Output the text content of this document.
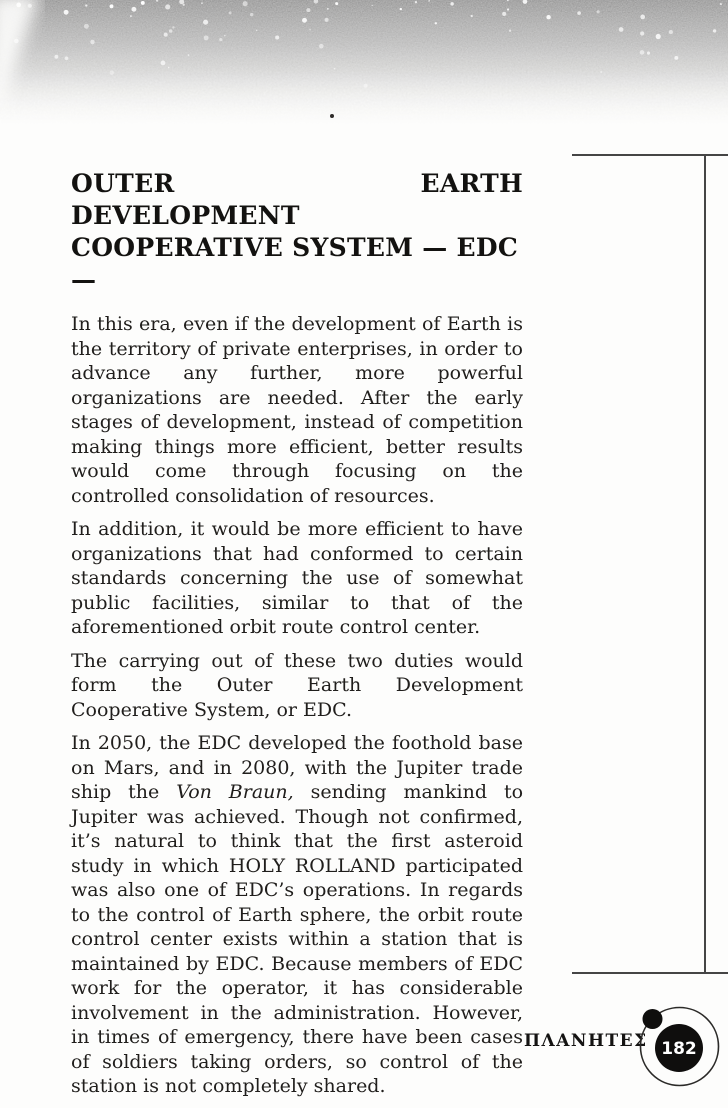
OUTER EARTH DEVELOPMENT
COOPERATIVE SYSTEM — EDC—

In this era, even if the development of Earth is the territory of private enterprises, in order to advance any further, more powerful organizations are needed. After the early stages of development, instead of competition making things more efficient, better results would come through focusing on the controlled consolidation of resources.

In addition, it would be more efficient to have organizations that had conformed to certain standards concerning the use of somewhat public facilities, similar to that of the aforementioned orbit route control center.

The carrying out of these two duties would form the Outer Earth Development Cooperative System, or EDC.

In 2050, the EDC developed the foothold base on Mars, and in 2080, with the Jupiter trade ship the Von Braun, sending mankind to Jupiter was achieved. Though not confirmed, it’s natural to think that the first asteroid study in which HOLY ROLLAND participated was also one of EDC’s operations. In regards to the control of Earth sphere, the orbit route control center exists within a station that is maintained by EDC. Because members of EDC work for the operator, it has considerable involvement in the administration. However, in times of emergency, there have been cases of soldiers taking orders, so control of the station is not completely shared.

ΠΛΑΝΗΤΕΣ 182
